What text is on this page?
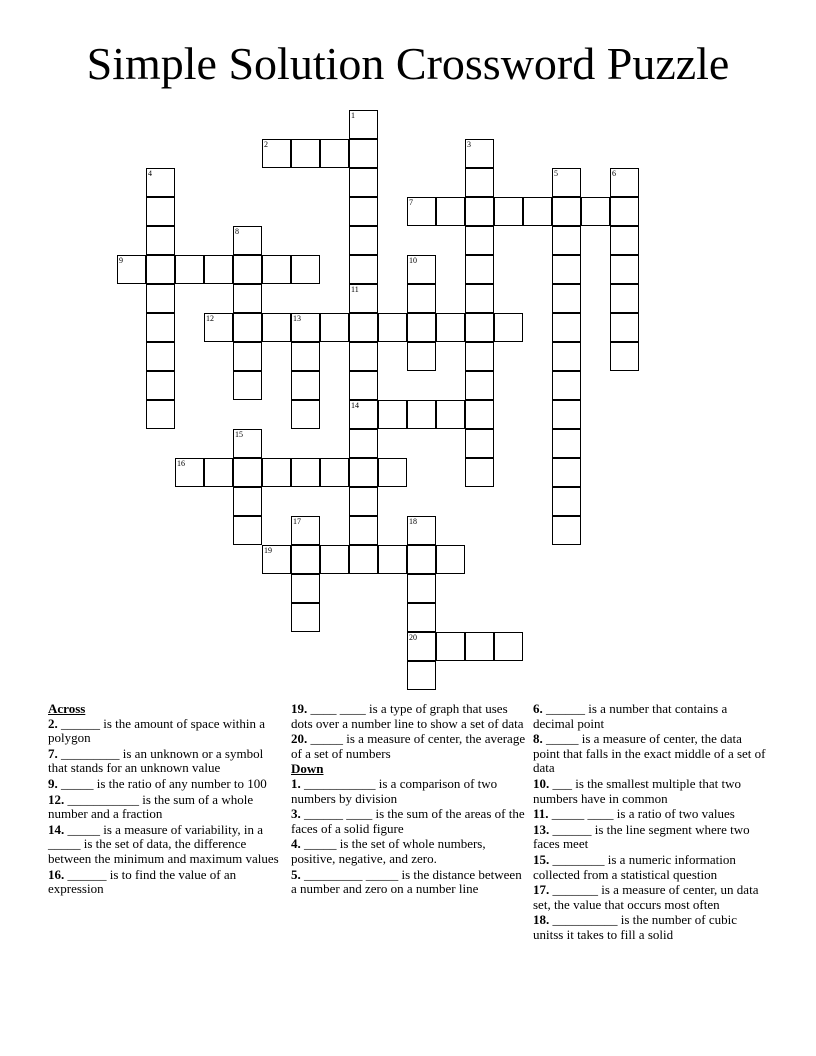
Simple Solution Crossword Puzzle
2
7
9
12	13
14
16
19
20
1
3
4	5	6
8
10
11
15
17	18
Across
2. ______ is the amount of space within a polygon
7. _________ is an unknown or a symbol that stands for an unknown value
9. _____ is the ratio of any number to 100
12. ___________ is the sum of a whole number and a fraction
14. _____ is a measure of variability, in a _____ is the set of data, the difference between the minimum and maximum values
16. ______ is to find the value of an expression
19. ____ ____ is a type of graph that uses dots over a number line to show a set of data
20. _____ is a measure of center, the average of a set of numbers
Down
1. ___________ is a comparison of two numbers by division
3. ______ ____ is the sum of the areas of the faces of a solid figure
4. _____ is the set of whole numbers, positive, negative, and zero.
5. _________ _____ is the distance between a number and zero on a number line
6. ______ is a number that contains a decimal point
8. _____ is a measure of center, the data point that falls in the exact middle of a set of data
10. ___ is the smallest multiple that two numbers have in common
11. _____ ____ is a ratio of two values
13. ______ is the line segment where two faces meet
15. ________ is a numeric information collected from a statistical question
17. _______ is a measure of center, un data set, the value that occurs most often
18. __________ is the number of cubic unitss it takes to fill a solid
